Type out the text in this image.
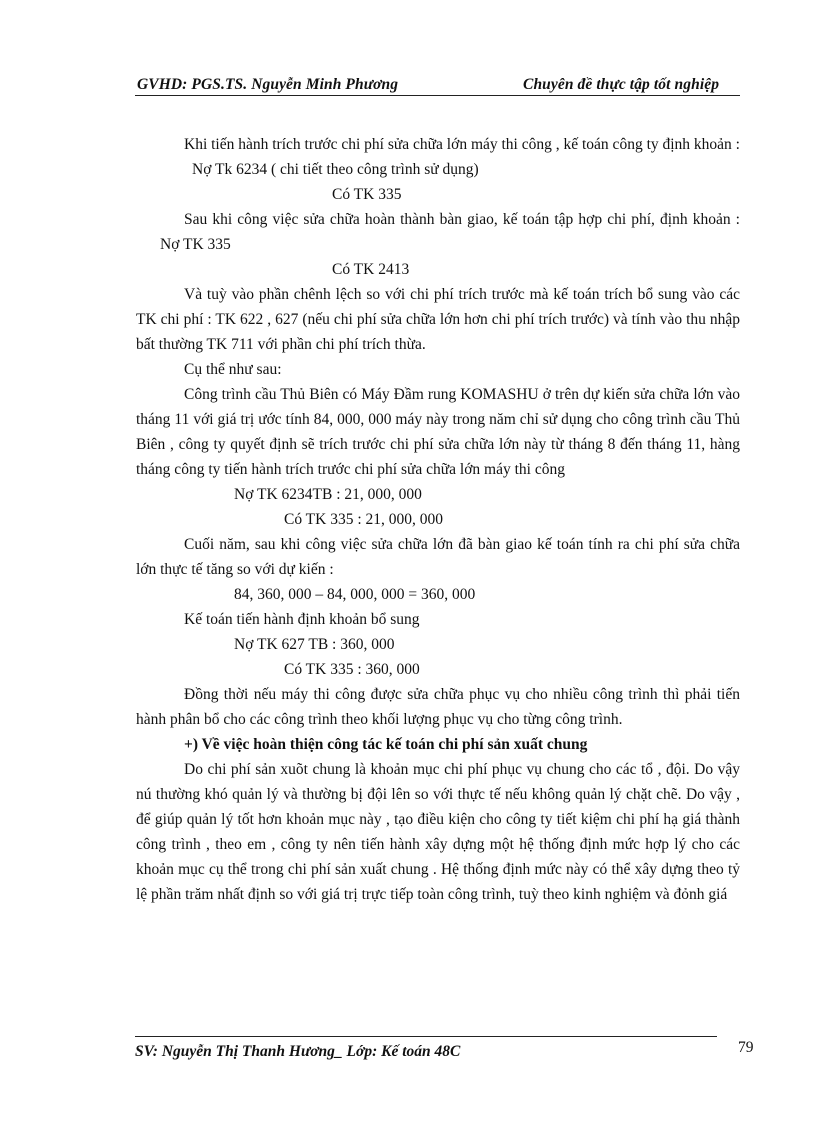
GVHD: PGS.TS. Nguyễn Minh Phương	Chuyên đề thực tập tốt nghiệp

Khi tiến hành trích trước chi phí sửa chữa lớn máy thi công , kế toán công ty định khoản :Nợ Tk 6234 ( chi tiết theo công trình sử dụng)

Có TK 335

Sau khi công việc sửa chữa hoàn thành bàn giao, kế toán tập hợp chi phí, định khoản :Nợ TK 335

Có TK 2413

Và tuỳ vào phần chênh lệch so với chi phí trích trước mà kế toán trích bổ sung vào các TK chi phí : TK 622 , 627 (nếu chi phí sửa chữa lớn hơn chi phí trích trước) và tính vào thu nhập bất thường TK 711 với phần chi phí trích thừa.

Cụ thể như sau:

Công trình cầu Thủ Biên có Máy Đầm rung KOMASHU ở trên dự kiến sửa chữa lớn vào tháng 11 với giá trị ước tính 84, 000, 000 máy này trong năm chỉ sử dụng cho công trình cầu Thủ Biên , công ty quyết định sẽ trích trước chi phí sửa chữa lớn này từ tháng 8 đến tháng 11, hàng tháng công ty tiến hành trích trước chi phí sửa chữa lớn máy thi công

Nợ TK 6234TB : 21, 000, 000

Có TK 335 : 21, 000, 000

Cuối năm, sau khi công việc sửa chữa lớn đã bàn giao kế toán tính ra chi phí sửa chữa lớn thực tế tăng so với dự kiến :

84, 360, 000 – 84, 000, 000 = 360, 000

Kế toán tiến hành định khoản bổ sung

Nợ TK 627 TB : 360, 000

Có TK 335 : 360, 000

Đồng thời nếu máy thi công được sửa chữa phục vụ cho nhiều công trình thì phải tiến hành phân bổ cho các công trình theo khối lượng phục vụ cho từng công trình.

+) Về việc hoàn thiện công tác kế toán chi phí sản xuất chung

Do chi phí sản xuõt chung là khoản mục chi phí phục vụ chung cho các tổ , đội. Do vậy nú thường khó quản lý và thường bị đội lên so với thực tế nếu không quản lý chặt chẽ. Do vậy , để giúp quản lý tốt hơn khoản mục này , tạo điều kiện cho công ty tiết kiệm chi phí hạ giá thành công trình , theo em , công ty nên tiến hành xây dựng một hệ thống định mức hợp lý cho các khoản mục cụ thể trong chi phí sản xuất chung . Hệ thống định mức này có thể xây dựng theo tỷ lệ phần trăm nhất định so với giá trị trực tiếp toàn công trình, tuỳ theo kinh nghiệm và đỏnh giá

SV: Nguyễn Thị Thanh Hương_ Lớp: Kế toán 48C	79
